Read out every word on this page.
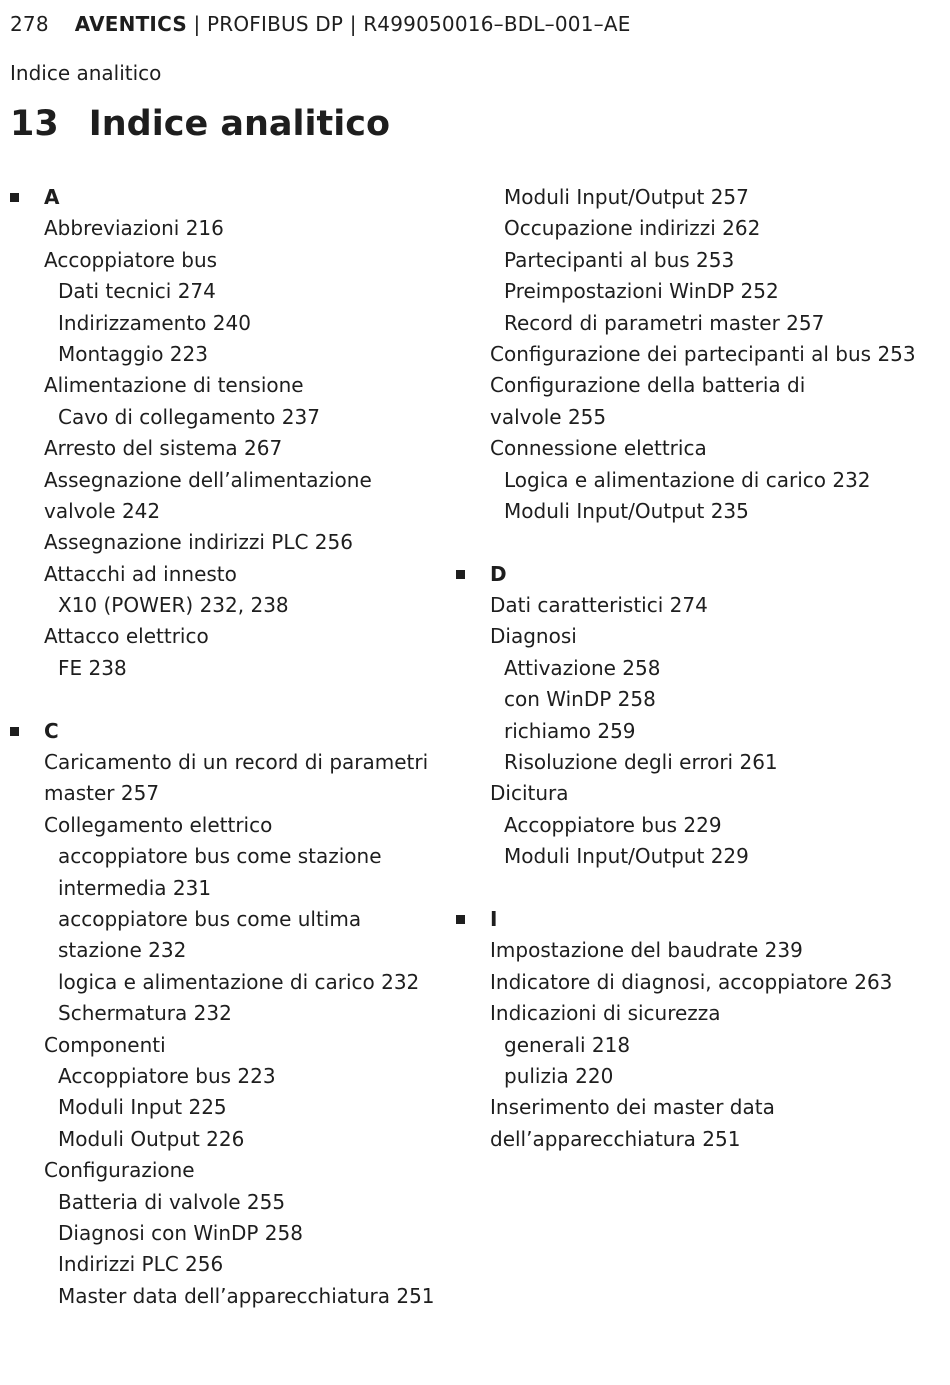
278 AVENTICS | PROFIBUS DP | R499050016–BDL–001–AE
Indice analitico
13 Indice analitico
A
Abbreviazioni 216
Accoppiatore bus
Dati tecnici 274
Indirizzamento 240
Montaggio 223
Alimentazione di tensione
Cavo di collegamento 237
Arresto del sistema 267
Assegnazione dell’alimentazione
valvole 242
Assegnazione indirizzi PLC 256
Attacchi ad innesto
X10 (POWER) 232, 238
Attacco elettrico
FE 238
C
Caricamento di un record di parametri
master 257
Collegamento elettrico
accoppiatore bus come stazione
intermedia 231
accoppiatore bus come ultima
stazione 232
logica e alimentazione di carico 232
Schermatura 232
Componenti
Accoppiatore bus 223
Moduli Input 225
Moduli Output 226
Configurazione
Batteria di valvole 255
Diagnosi con WinDP 258
Indirizzi PLC 256
Master data dell’apparecchiatura 251
Moduli Input/Output 257
Occupazione indirizzi 262
Partecipanti al bus 253
Preimpostazioni WinDP 252
Record di parametri master 257
Configurazione dei partecipanti al bus 253
Configurazione della batteria di
valvole 255
Connessione elettrica
Logica e alimentazione di carico 232
Moduli Input/Output 235
D
Dati caratteristici 274
Diagnosi
Attivazione 258
con WinDP 258
richiamo 259
Risoluzione degli errori 261
Dicitura
Accoppiatore bus 229
Moduli Input/Output 229
I
Impostazione del baudrate 239
Indicatore di diagnosi, accoppiatore 263
Indicazioni di sicurezza
generali 218
pulizia 220
Inserimento dei master data
dell’apparecchiatura 251
